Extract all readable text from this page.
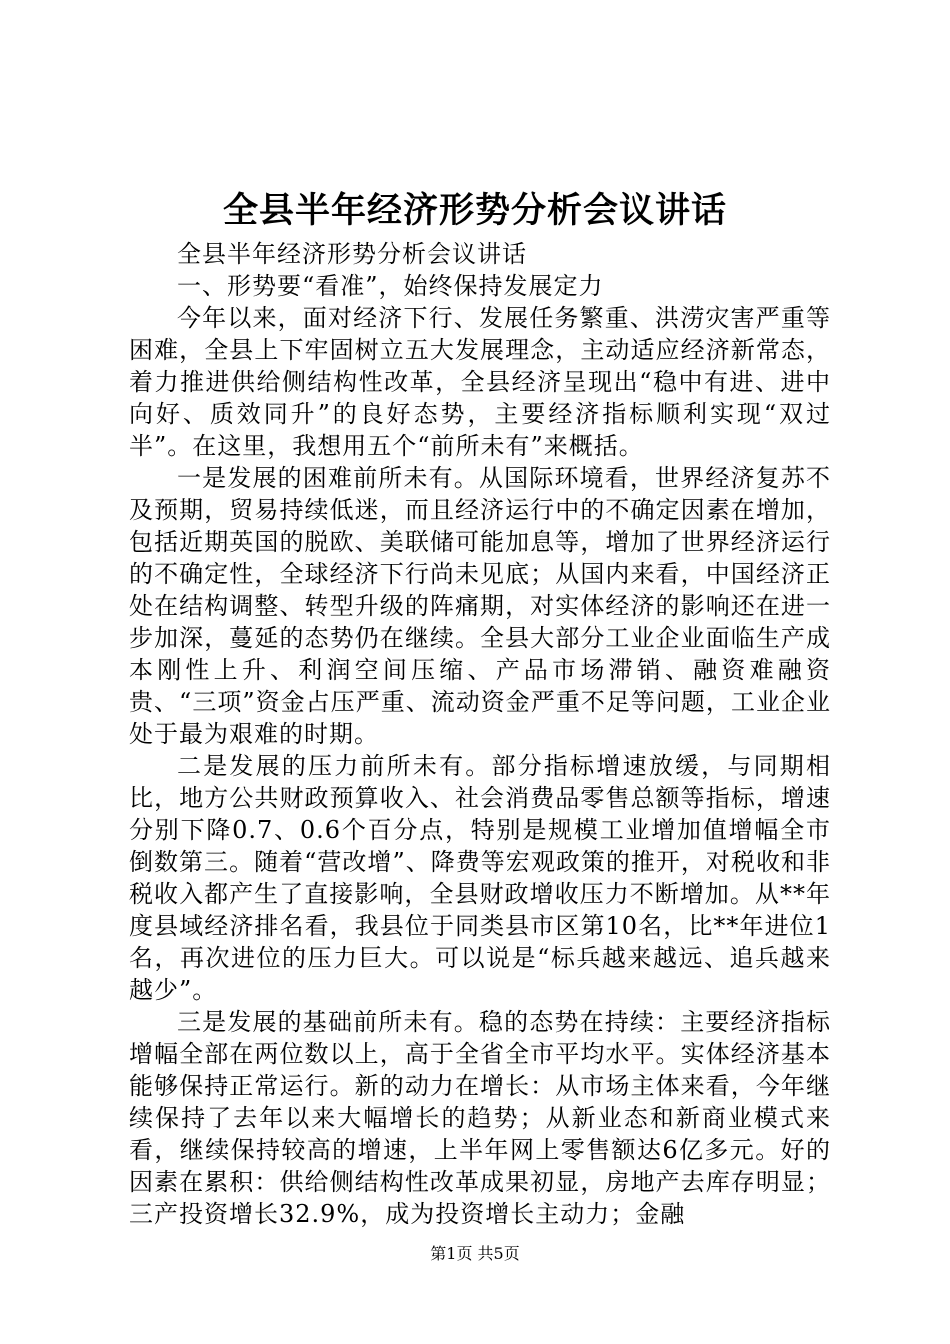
全县半年经济形势分析会议讲话

全县半年经济形势分析会议讲话

一、形势要“看准”，始终保持发展定力

今年以来，面对经济下行、发展任务繁重、洪涝灾害严重等困难，全县上下牢固树立五大发展理念，主动适应经济新常态，着力推进供给侧结构性改革，全县经济呈现出“稳中有进、进中向好、质效同升”的良好态势，主要经济指标顺利实现“双过半”。在这里，我想用五个“前所未有”来概括。

一是发展的困难前所未有。从国际环境看，世界经济复苏不及预期，贸易持续低迷，而且经济运行中的不确定因素在增加，包括近期英国的脱欧、美联储可能加息等，增加了世界经济运行的不确定性，全球经济下行尚未见底；从国内来看，中国经济正处在结构调整、转型升级的阵痛期，对实体经济的影响还在进一步加深，蔓延的态势仍在继续。全县大部分工业企业面临生产成本刚性上升、利润空间压缩、产品市场滞销、融资难融资贵、“三项”资金占压严重、流动资金严重不足等问题，工业企业处于最为艰难的时期。

二是发展的压力前所未有。部分指标增速放缓，与同期相比，地方公共财政预算收入、社会消费品零售总额等指标，增速分别下降0.7、0.6个百分点，特别是规模工业增加值增幅全市倒数第三。随着“营改增”、降费等宏观政策的推开，对税收和非税收入都产生了直接影响，全县财政增收压力不断增加。从**年度县域经济排名看，我县位于同类县市区第10名，比**年进位1名，再次进位的压力巨大。可以说是“标兵越来越远、追兵越来越少”。

三是发展的基础前所未有。稳的态势在持续：主要经济指标增幅全部在两位数以上，高于全省全市平均水平。实体经济基本能够保持正常运行。新的动力在增长：从市场主体来看，今年继续保持了去年以来大幅增长的趋势；从新业态和新商业模式来看，继续保持较高的增速，上半年网上零售额达6亿多元。好的因素在累积：供给侧结构性改革成果初显，房地产去库存明显；三产投资增长32.9%，成为投资增长主动力；金融

第1页 共5页
